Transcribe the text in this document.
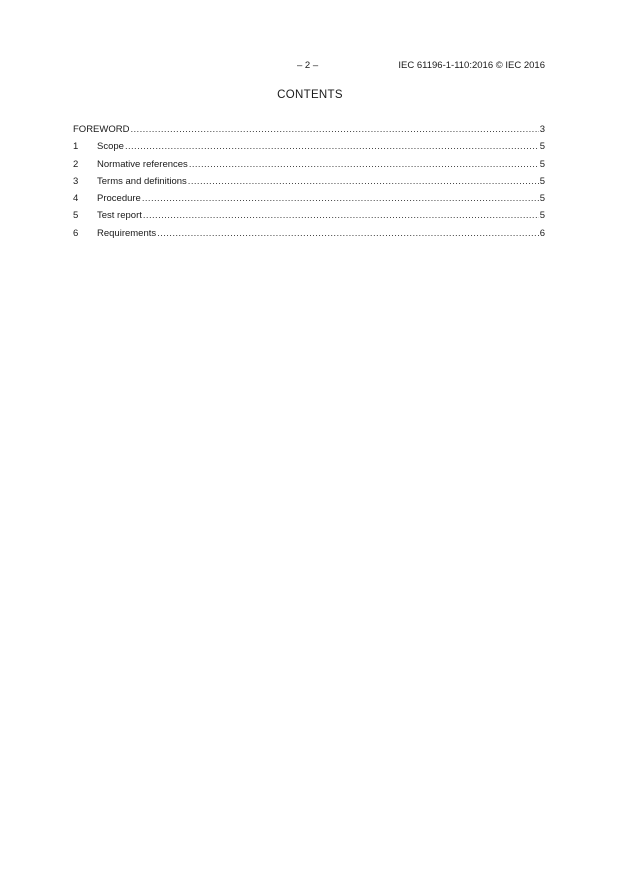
– 2 –	IEC 61196-1-110:2016 © IEC 2016
CONTENTS
FOREWORD .....	3
1	Scope .....	5
2	Normative references .....	5
3	Terms and definitions .....	5
4	Procedure .....	5
5	Test report .....	5
6	Requirements .....	6
